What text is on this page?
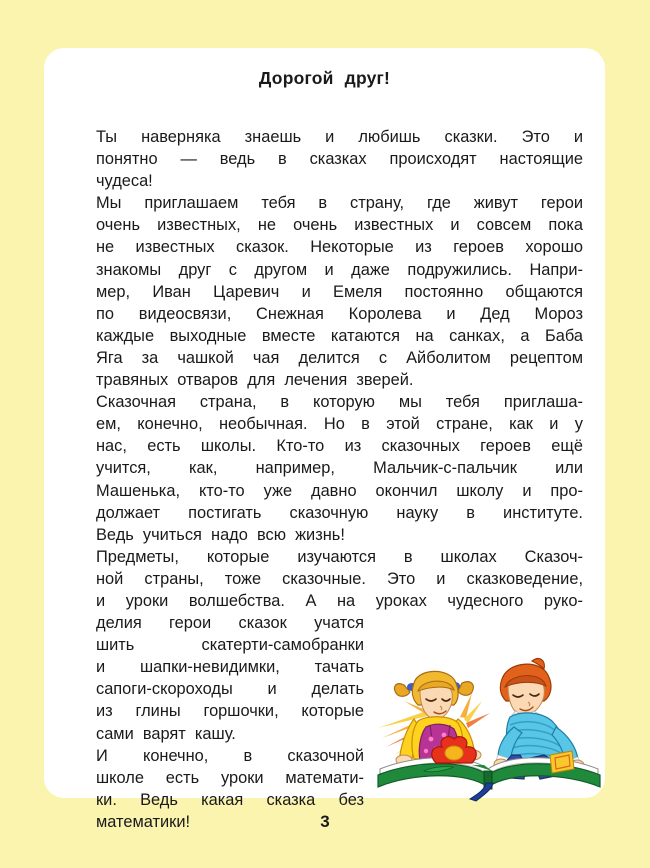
Дорогой друг!

Ты  наверняка  знаешь  и  любишь  сказки.  Это  и
понятно  —  ведь  в  сказках  происходят  настоящие
чудеса!

Мы  приглашаем  тебя  в  страну,  где  живут  герои
очень  известных,  не  очень  известных  и  совсем  пока
не  известных  сказок.  Некоторые  из  героев  хорошо
знакомы  друг  с  другом  и  даже  подружились.  Напри-
мер,  Иван  Царевич  и  Емеля  постоянно  общаются
по  видеосвязи,  Снежная  Королева  и  Дед  Мороз
каждые  выходные  вместе  катаются  на  санках,  а  Баба
Яга  за  чашкой  чая  делится  с  Айболитом  рецептом
травяных  отваров  для  лечения  зверей.

Сказочная  страна,  в  которую  мы  тебя  приглаша-
ем,  конечно,  необычная.  Но  в  этой  стране,  как  и  у
нас,  есть  школы.  Кто-то  из  сказочных  героев  ещё
учится,  как,  например,  Мальчик-с-пальчик  или
Машенька,  кто-то  уже  давно  окончил  школу  и  про-
должает  постигать  сказочную  науку  в  институте.
Ведь  учиться  надо  всю  жизнь!

Предметы,  которые  изучаются  в  школах  Сказоч-
ной  страны,  тоже  сказочные.  Это  и  сказковедение,
и  уроки  волшебства.  А  на  уроках  чудесного  руко-
делия  герои  сказок  учатся
шить  скатерти-самобранки
и  шапки-невидимки,  тачать
сапоги-скороходы  и  делать
из  глины  горшочки,  которые
сами  варят  кашу.

И  конечно,  в  сказочной
школе  есть  уроки  математи-
ки.  Ведь  какая  сказка  без
математики!	3
